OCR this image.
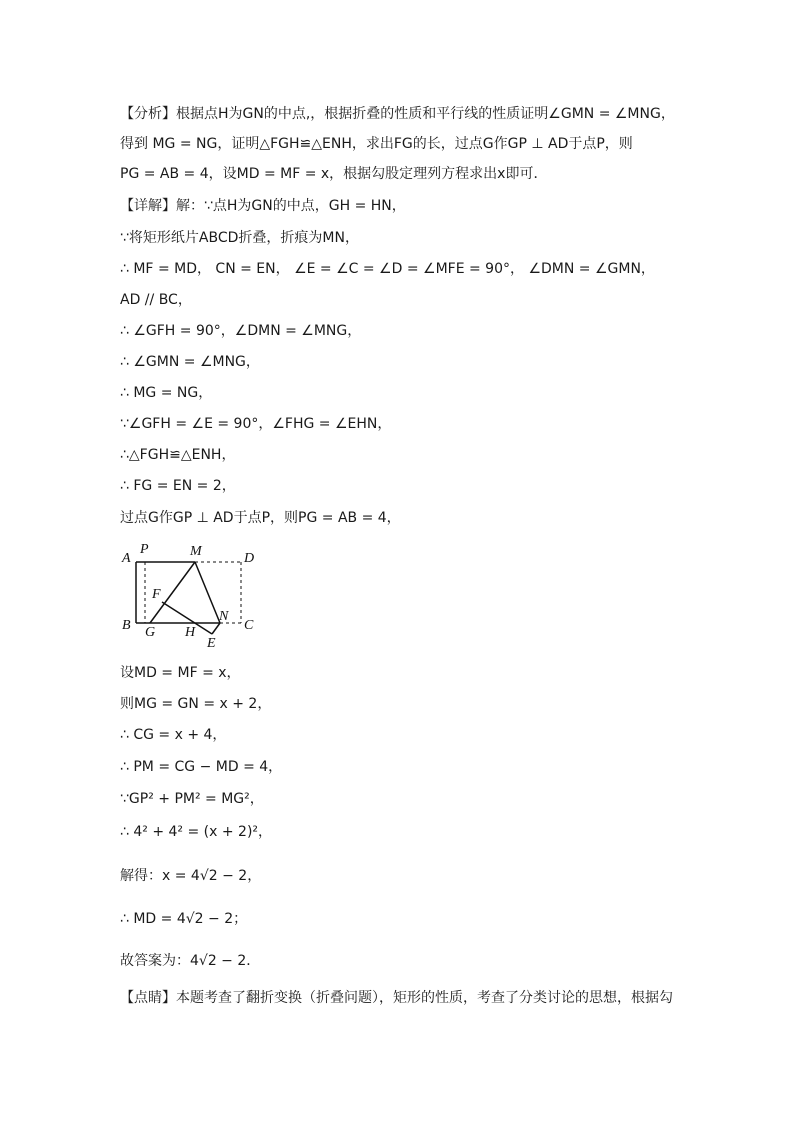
【分析】根据点H为GN的中点,，根据折叠的性质和平行线的性质证明∠GMN = ∠MNG，
得到 MG = NG，证明△FGH≌△ENH，求出FG的长，过点G作GP ⊥ AD于点P，则
PG = AB = 4，设MD = MF = x，根据勾股定理列方程求出x即可．
【详解】解：∵点H为GN的中点，GH = HN，
∵将矩形纸片ABCD折叠，折痕为MN，
∴ MF = MD， CN = EN， ∠E = ∠C = ∠D = ∠MFE = 90°， ∠DMN = ∠GMN，
AD // BC，
∴ ∠GFH = 90°，∠DMN = ∠MNG，
∴ ∠GMN = ∠MNG，
∴ MG = NG，
∵∠GFH = ∠E = 90°，∠FHG = ∠EHN，
∴△FGH≌△ENH，
∴ FG = EN = 2，
过点G作GP ⊥ AD于点P，则PG = AB = 4，
A
P	M	D
F
N
C
B G H
E
设MD = MF = x，
则MG = GN = x + 2，
∴ CG = x + 4，
∴ PM = CG − MD = 4，
∵GP² + PM² = MG²，
∴ 4² + 4² = (x + 2)²，
解得：x = 4√2 − 2，
∴ MD = 4√2 − 2；
故答案为：4√2 − 2．
【点睛】本题考查了翻折变换（折叠问题），矩形的性质，考查了分类讨论的思想，根据勾
